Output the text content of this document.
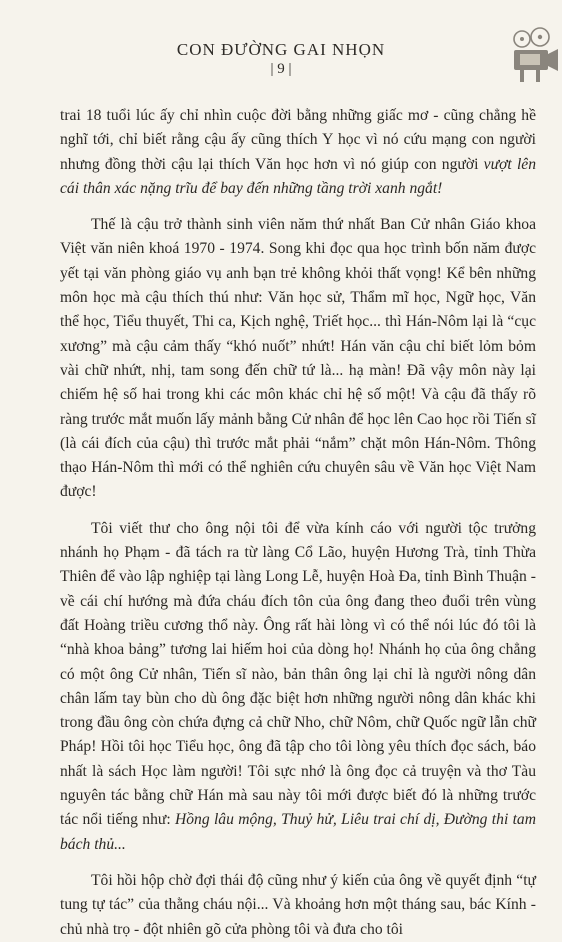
CON ĐƯỜNG GAI NHỌN
| 9 |

trai 18 tuổi lúc ấy chỉ nhìn cuộc đời bằng những giấc mơ - cũng chẳng hề nghĩ tới, chỉ biết rằng cậu ấy cũng thích Y học vì nó cứu mạng con người nhưng đồng thời cậu lại thích Văn học hơn vì nó giúp con người vượt lên cái thân xác nặng trĩu để bay đến những tầng trời xanh ngắt!

Thế là cậu trở thành sinh viên năm thứ nhất Ban Cử nhân Giáo khoa Việt văn niên khoá 1970 - 1974. Song khi đọc qua học trình bốn năm được yết tại văn phòng giáo vụ anh bạn trẻ không khỏi thất vọng! Kể bên những môn học mà cậu thích thú như: Văn học sử, Thẩm mĩ học, Ngữ học, Văn thể học, Tiểu thuyết, Thi ca, Kịch nghệ, Triết học... thì Hán-Nôm lại là “cục xương” mà cậu cảm thấy “khó nuốt” nhứt! Hán văn cậu chỉ biết lỏm bỏm vài chữ nhứt, nhị, tam song đến chữ tứ là... hạ màn! Đã vậy môn này lại chiếm hệ số hai trong khi các môn khác chỉ hệ số một! Và cậu đã thấy rõ ràng trước mắt muốn lấy mảnh bằng Cử nhân để học lên Cao học rồi Tiến sĩ (là cái đích của cậu) thì trước mắt phải “nắm” chặt môn Hán-Nôm. Thông thạo Hán-Nôm thì mới có thể nghiên cứu chuyên sâu về Văn học Việt Nam được!

Tôi viết thư cho ông nội tôi để vừa kính cáo với người tộc trưởng nhánh họ Phạm - đã tách ra từ làng Cổ Lão, huyện Hương Trà, tỉnh Thừa Thiên để vào lập nghiệp tại làng Long Lễ, huyện Hoà Đa, tỉnh Bình Thuận - về cái chí hướng mà đứa cháu đích tôn của ông đang theo đuổi trên vùng đất Hoàng triều cương thổ này. Ông rất hài lòng vì có thể nói lúc đó tôi là “nhà khoa bảng” tương lai hiếm hoi của dòng họ! Nhánh họ của ông chẳng có một ông Cử nhân, Tiến sĩ nào, bản thân ông lại chỉ là người nông dân chân lấm tay bùn cho dù ông đặc biệt hơn những người nông dân khác khi trong đầu ông còn chứa đựng cả chữ Nho, chữ Nôm, chữ Quốc ngữ lẫn chữ Pháp! Hồi tôi học Tiểu học, ông đã tập cho tôi lòng yêu thích đọc sách, báo nhất là sách Học làm người! Tôi sực nhớ là ông đọc cả truyện và thơ Tàu nguyên tác bằng chữ Hán mà sau này tôi mới được biết đó là những trước tác nổi tiếng như: Hồng lâu mộng, Thuỷ hử, Liêu trai chí dị, Đường thi tam bách thủ...

Tôi hồi hộp chờ đợi thái độ cũng như ý kiến của ông về quyết định “tự tung tự tác” của thằng cháu nội... Và khoảng hơn một tháng sau, bác Kính - chủ nhà trọ - đột nhiên gõ cửa phòng tôi và đưa cho tôi
